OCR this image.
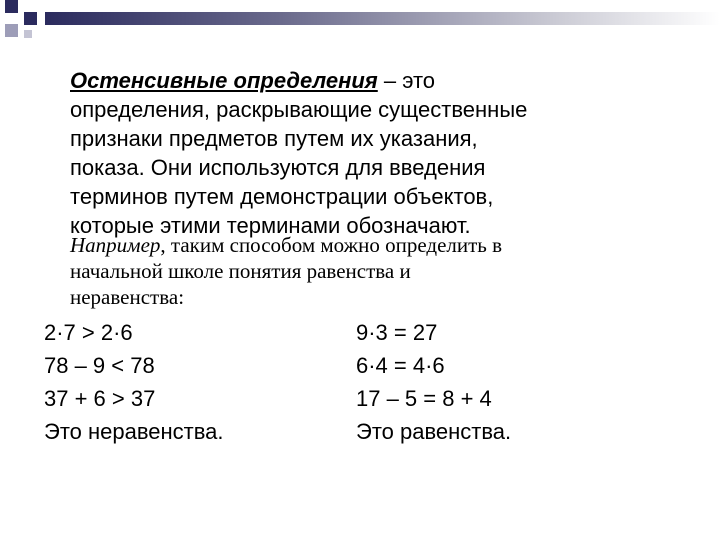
Остенсивные определения – это
определения, раскрывающие существенные
признаки предметов путем их указания,
показа. Они используются для введения
терминов путем демонстрации объектов,
которые этими терминами обозначают.

Например, таким способом можно определить в
начальной школе понятия равенства и
неравенства:

2·7 > 2·6	9·3 = 27
78 – 9 < 78	6·4 = 4·6
37 + 6 > 37	17 – 5 = 8 + 4
Это неравенства.	Это равенства.
